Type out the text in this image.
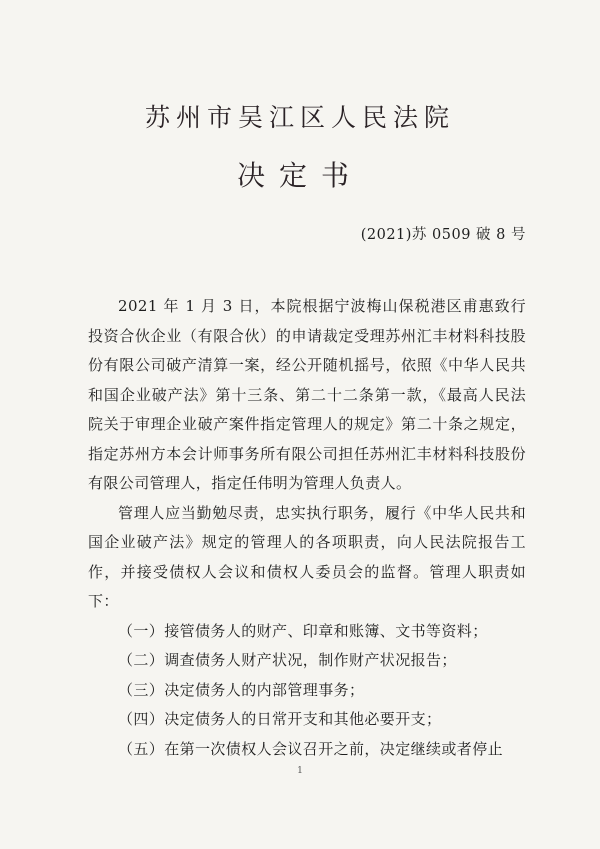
苏州市吴江区人民法院
决定书
(2021)苏 0509 破 8 号

2021 年 1 月 3 日，本院根据宁波梅山保税港区甫惠致行投资合伙企业（有限合伙）的申请裁定受理苏州汇丰材料科技股份有限公司破产清算一案，经公开随机摇号，依照《中华人民共和国企业破产法》第十三条、第二十二条第一款，《最高人民法院关于审理企业破产案件指定管理人的规定》第二十条之规定，指定苏州方本会计师事务所有限公司担任苏州汇丰材料科技股份有限公司管理人，指定任伟明为管理人负责人。

管理人应当勤勉尽责，忠实执行职务，履行《中华人民共和国企业破产法》规定的管理人的各项职责，向人民法院报告工作，并接受债权人会议和债权人委员会的监督。管理人职责如下：

（一）接管债务人的财产、印章和账簿、文书等资料；
（二）调查债务人财产状况，制作财产状况报告；
（三）决定债务人的内部管理事务；
（四）决定债务人的日常开支和其他必要开支；
（五）在第一次债权人会议召开之前，决定继续或者停止
1
